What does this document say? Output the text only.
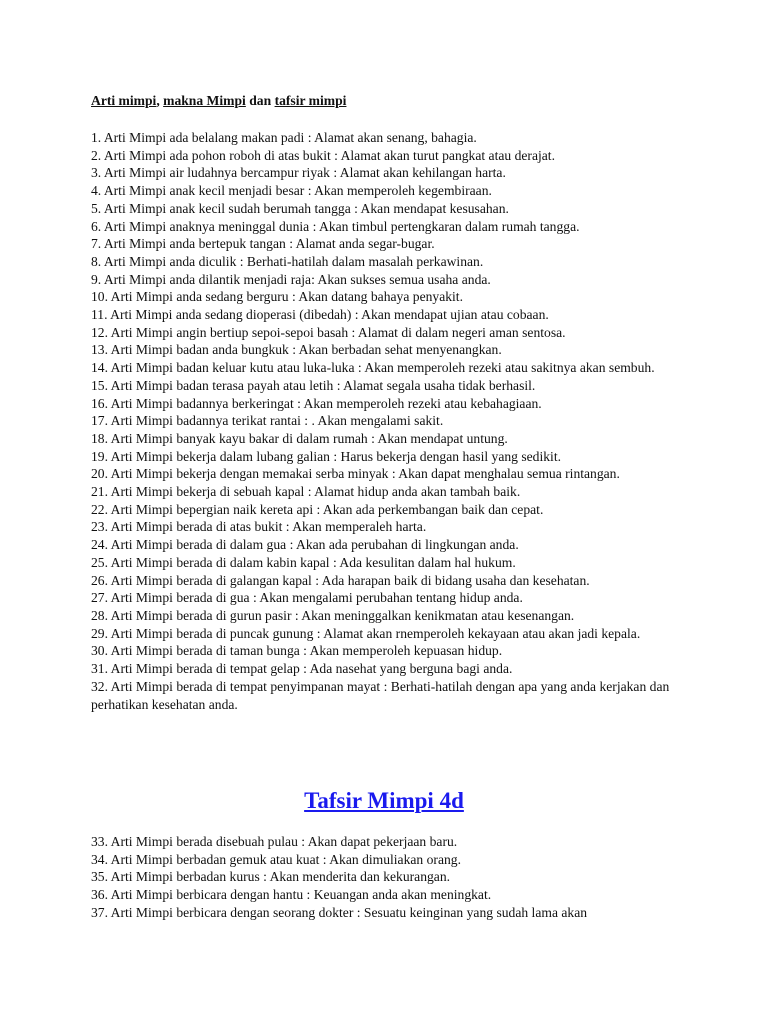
Arti mimpi, makna Mimpi dan tafsir mimpi
1. Arti Mimpi ada belalang makan padi : Alamat akan senang, bahagia.
2. Arti Mimpi ada pohon roboh di atas bukit : Alamat akan turut pangkat atau derajat.
3. Arti Mimpi air ludahnya bercampur riyak : Alamat akan kehilangan harta.
4. Arti Mimpi anak kecil menjadi besar : Akan memperoleh kegembiraan.
5. Arti Mimpi anak kecil sudah berumah tangga : Akan mendapat kesusahan.
6. Arti Mimpi anaknya meninggal dunia : Akan timbul pertengkaran dalam rumah tangga.
7. Arti Mimpi anda bertepuk tangan : Alamat anda segar-bugar.
8. Arti Mimpi anda diculik : Berhati-hatilah dalam masalah perkawinan.
9. Arti Mimpi anda dilantik menjadi raja: Akan sukses semua usaha anda.
10. Arti Mimpi anda sedang berguru : Akan datang bahaya penyakit.
11. Arti Mimpi anda sedang dioperasi (dibedah) : Akan mendapat ujian atau cobaan.
12. Arti Mimpi angin bertiup sepoi-sepoi basah : Alamat di dalam negeri aman sentosa.
13. Arti Mimpi badan anda bungkuk : Akan berbadan sehat menyenangkan.
14. Arti Mimpi badan keluar kutu atau luka-luka : Akan memperoleh rezeki atau sakitnya akan sembuh.
15. Arti Mimpi badan terasa payah atau letih : Alamat segala usaha tidak berhasil.
16. Arti Mimpi badannya berkeringat : Akan memperoleh rezeki atau kebahagiaan.
17. Arti Mimpi badannya terikat rantai : . Akan mengalami sakit.
18. Arti Mimpi banyak kayu bakar di dalam rumah : Akan mendapat untung.
19. Arti Mimpi bekerja dalam lubang galian : Harus bekerja dengan hasil yang sedikit.
20. Arti Mimpi bekerja dengan memakai serba minyak : Akan dapat menghalau semua rintangan.
21. Arti Mimpi bekerja di sebuah kapal : Alamat hidup anda akan tambah baik.
22. Arti Mimpi bepergian naik kereta api : Akan ada perkembangan baik dan cepat.
23. Arti Mimpi berada di atas bukit : Akan memperaleh harta.
24. Arti Mimpi berada di dalam gua : Akan ada perubahan di lingkungan anda.
25. Arti Mimpi berada di dalam kabin kapal : Ada kesulitan dalam hal hukum.
26. Arti Mimpi berada di galangan kapal : Ada harapan baik di bidang usaha dan kesehatan.
27. Arti Mimpi berada di gua : Akan mengalami perubahan tentang hidup anda.
28. Arti Mimpi berada di gurun pasir : Akan meninggalkan kenikmatan atau kesenangan.
29. Arti Mimpi berada di puncak gunung : Alamat akan rnemperoleh kekayaan atau akan jadi kepala.
30. Arti Mimpi berada di taman bunga : Akan memperoleh kepuasan hidup.
31. Arti Mimpi berada di tempat gelap : Ada nasehat yang berguna bagi anda.
32. Arti Mimpi berada di tempat penyimpanan mayat : Berhati-hatilah dengan apa yang anda kerjakan dan perhatikan kesehatan anda.
Tafsir Mimpi 4d
33. Arti Mimpi berada disebuah pulau : Akan dapat pekerjaan baru.
34. Arti Mimpi berbadan gemuk atau kuat : Akan dimuliakan orang.
35. Arti Mimpi berbadan kurus : Akan menderita dan kekurangan.
36. Arti Mimpi berbicara dengan hantu : Keuangan anda akan meningkat.
37. Arti Mimpi berbicara dengan seorang dokter : Sesuatu keinginan yang sudah lama akan
